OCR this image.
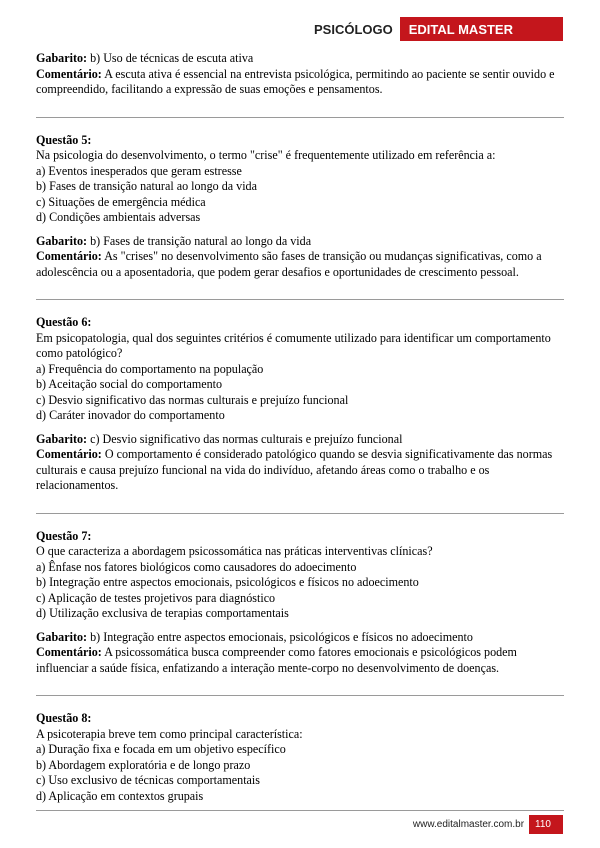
PSICÓLOGO	EDITAL MASTER

Gabarito: b) Uso de técnicas de escuta ativa

Comentário: A escuta ativa é essencial na entrevista psicológica, permitindo ao paciente se sentir ouvido e compreendido, facilitando a expressão de suas emoções e pensamentos.

Questão 5:

Na psicologia do desenvolvimento, o termo "crise" é frequentemente utilizado em referência a:

a) Eventos inesperados que geram estresse

b) Fases de transição natural ao longo da vida

c) Situações de emergência médica

d) Condições ambientais adversas

Gabarito: b) Fases de transição natural ao longo da vida

Comentário: As "crises" no desenvolvimento são fases de transição ou mudanças significativas, como a adolescência ou a aposentadoria, que podem gerar desafios e oportunidades de crescimento pessoal.

Questão 6:

Em psicopatologia, qual dos seguintes critérios é comumente utilizado para identificar um comportamento como patológico?

a) Frequência do comportamento na população

b) Aceitação social do comportamento

c) Desvio significativo das normas culturais e prejuízo funcional

d) Caráter inovador do comportamento

Gabarito: c) Desvio significativo das normas culturais e prejuízo funcional

Comentário: O comportamento é considerado patológico quando se desvia significativamente das normas culturais e causa prejuízo funcional na vida do indivíduo, afetando áreas como o trabalho e os relacionamentos.

Questão 7:

O que caracteriza a abordagem psicossomática nas práticas interventivas clínicas?

a) Ênfase nos fatores biológicos como causadores do adoecimento

b) Integração entre aspectos emocionais, psicológicos e físicos no adoecimento

c) Aplicação de testes projetivos para diagnóstico

d) Utilização exclusiva de terapias comportamentais

Gabarito: b) Integração entre aspectos emocionais, psicológicos e físicos no adoecimento

Comentário: A psicossomática busca compreender como fatores emocionais e psicológicos podem influenciar a saúde física, enfatizando a interação mente-corpo no desenvolvimento de doenças.

Questão 8:

A psicoterapia breve tem como principal característica:

a) Duração fixa e focada em um objetivo específico

b) Abordagem exploratória e de longo prazo

c) Uso exclusivo de técnicas comportamentais

d) Aplicação em contextos grupais

www.editalmaster.com.br	110
